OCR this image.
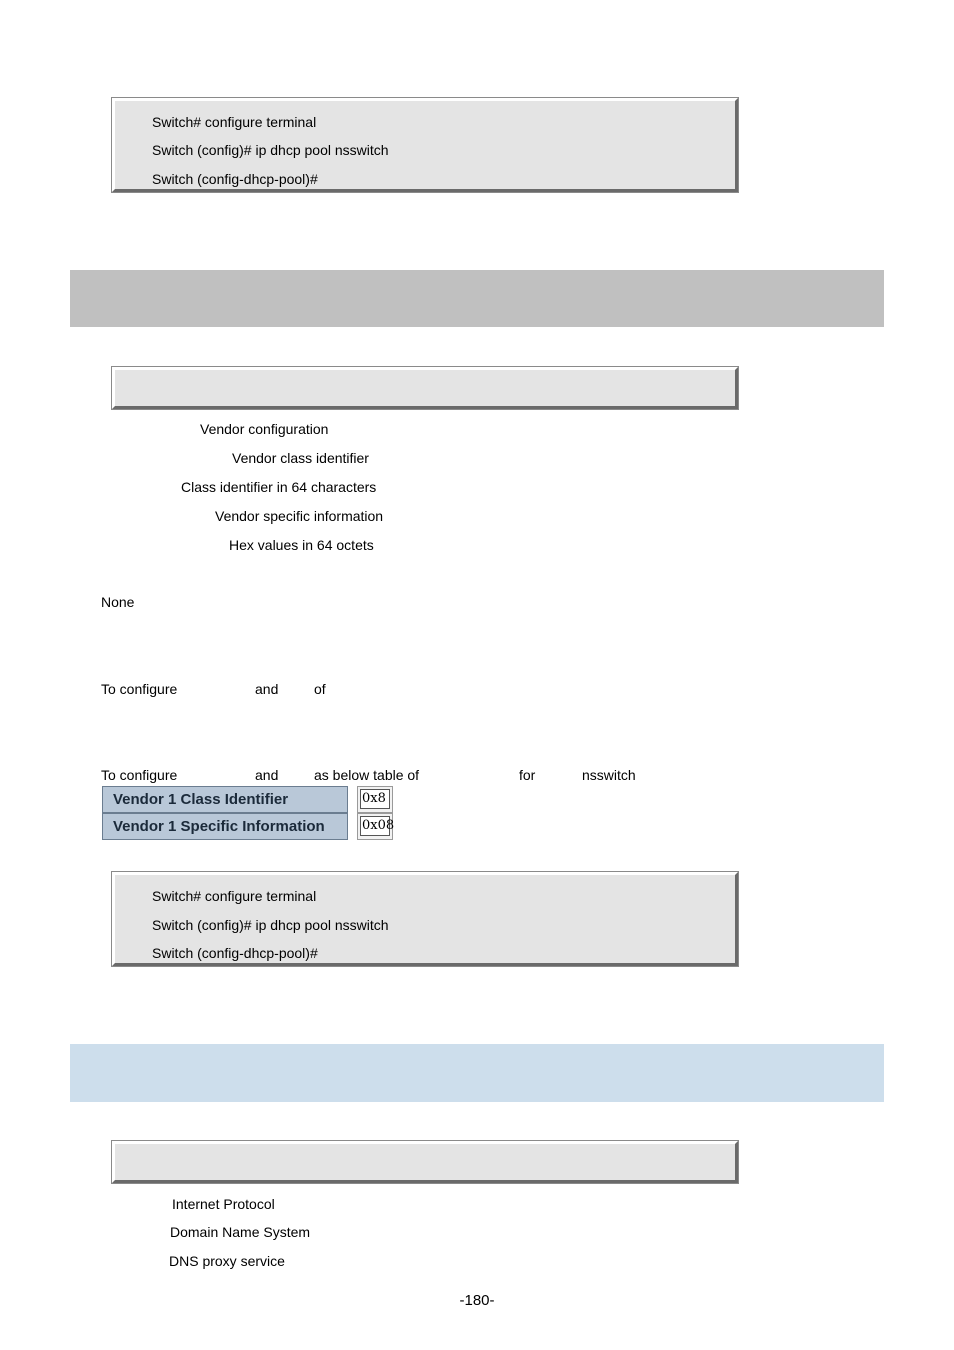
Switch# configure terminal
Switch (config)# ip dhcp pool nsswitch
Switch (config-dhcp-pool)#
Vendor configuration
Vendor class identifier
Class identifier in 64 characters
Vendor specific information
Hex values in 64 octets
None
To configure	and	of
To configure	and	as below table of	for	nsswitch
Vendor 1 Class Identifier	0x8
Vendor 1 Specific Information	0x08
Switch# configure terminal
Switch (config)# ip dhcp pool nsswitch
Switch (config-dhcp-pool)#
Internet Protocol
Domain Name System
DNS proxy service
-180-
